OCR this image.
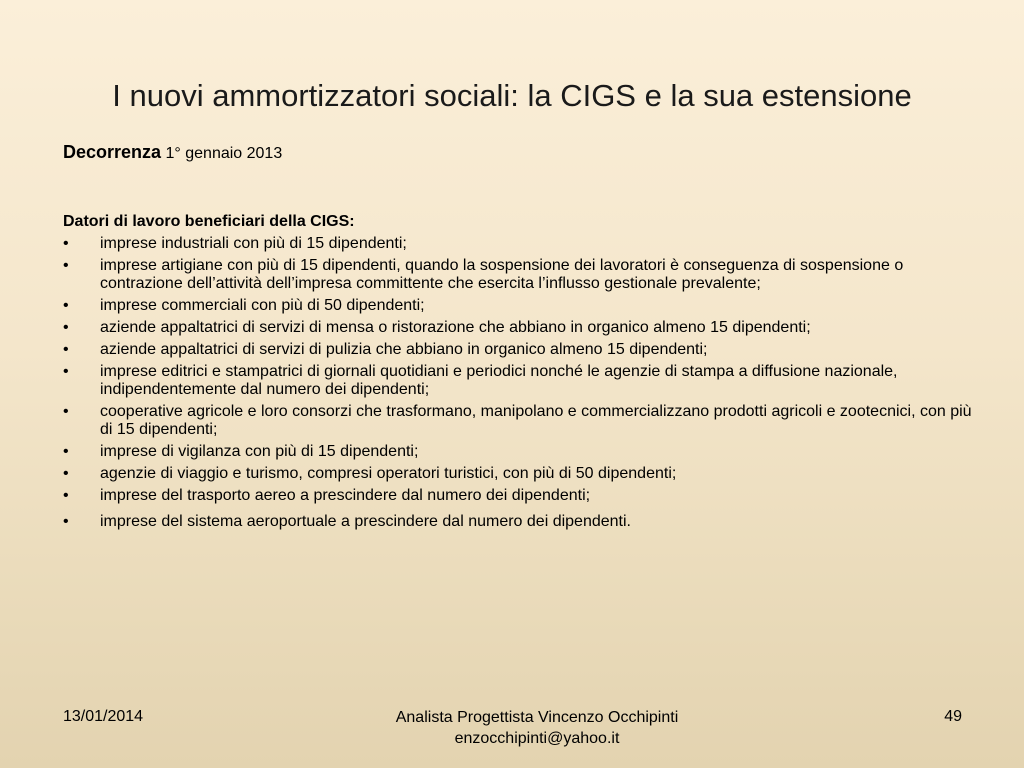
I nuovi ammortizzatori sociali: la CIGS e la sua estensione
Decorrenza 1° gennaio 2013
Datori di lavoro beneficiari della CIGS:
• imprese industriali con più di 15 dipendenti;
• imprese artigiane con più di 15 dipendenti, quando la sospensione dei lavoratori è conseguenza di sospensione o contrazione dell’attività dell’impresa committente che esercita l’influsso gestionale prevalente;
• imprese commerciali con più di 50 dipendenti;
• aziende appaltatrici di servizi di mensa o ristorazione che abbiano in organico almeno 15 dipendenti;
• aziende appaltatrici di servizi di pulizia che abbiano in organico almeno 15 dipendenti;
• imprese editrici e stampatrici di giornali quotidiani e periodici nonché le agenzie di stampa a diffusione nazionale, indipendentemente dal numero dei dipendenti;
• cooperative agricole e loro consorzi che trasformano, manipolano e commercializzano prodotti agricoli e zootecnici, con più di 15 dipendenti;
• imprese di vigilanza con più di 15 dipendenti;
• agenzie di viaggio e turismo, compresi operatori turistici, con più di 50 dipendenti;
• imprese del trasporto aereo a prescindere dal numero dei dipendenti;
• imprese del sistema aeroportuale a prescindere dal numero dei dipendenti.
13/01/2014	Analista Progettista Vincenzo Occhipinti
enzocchipinti@yahoo.it
49
